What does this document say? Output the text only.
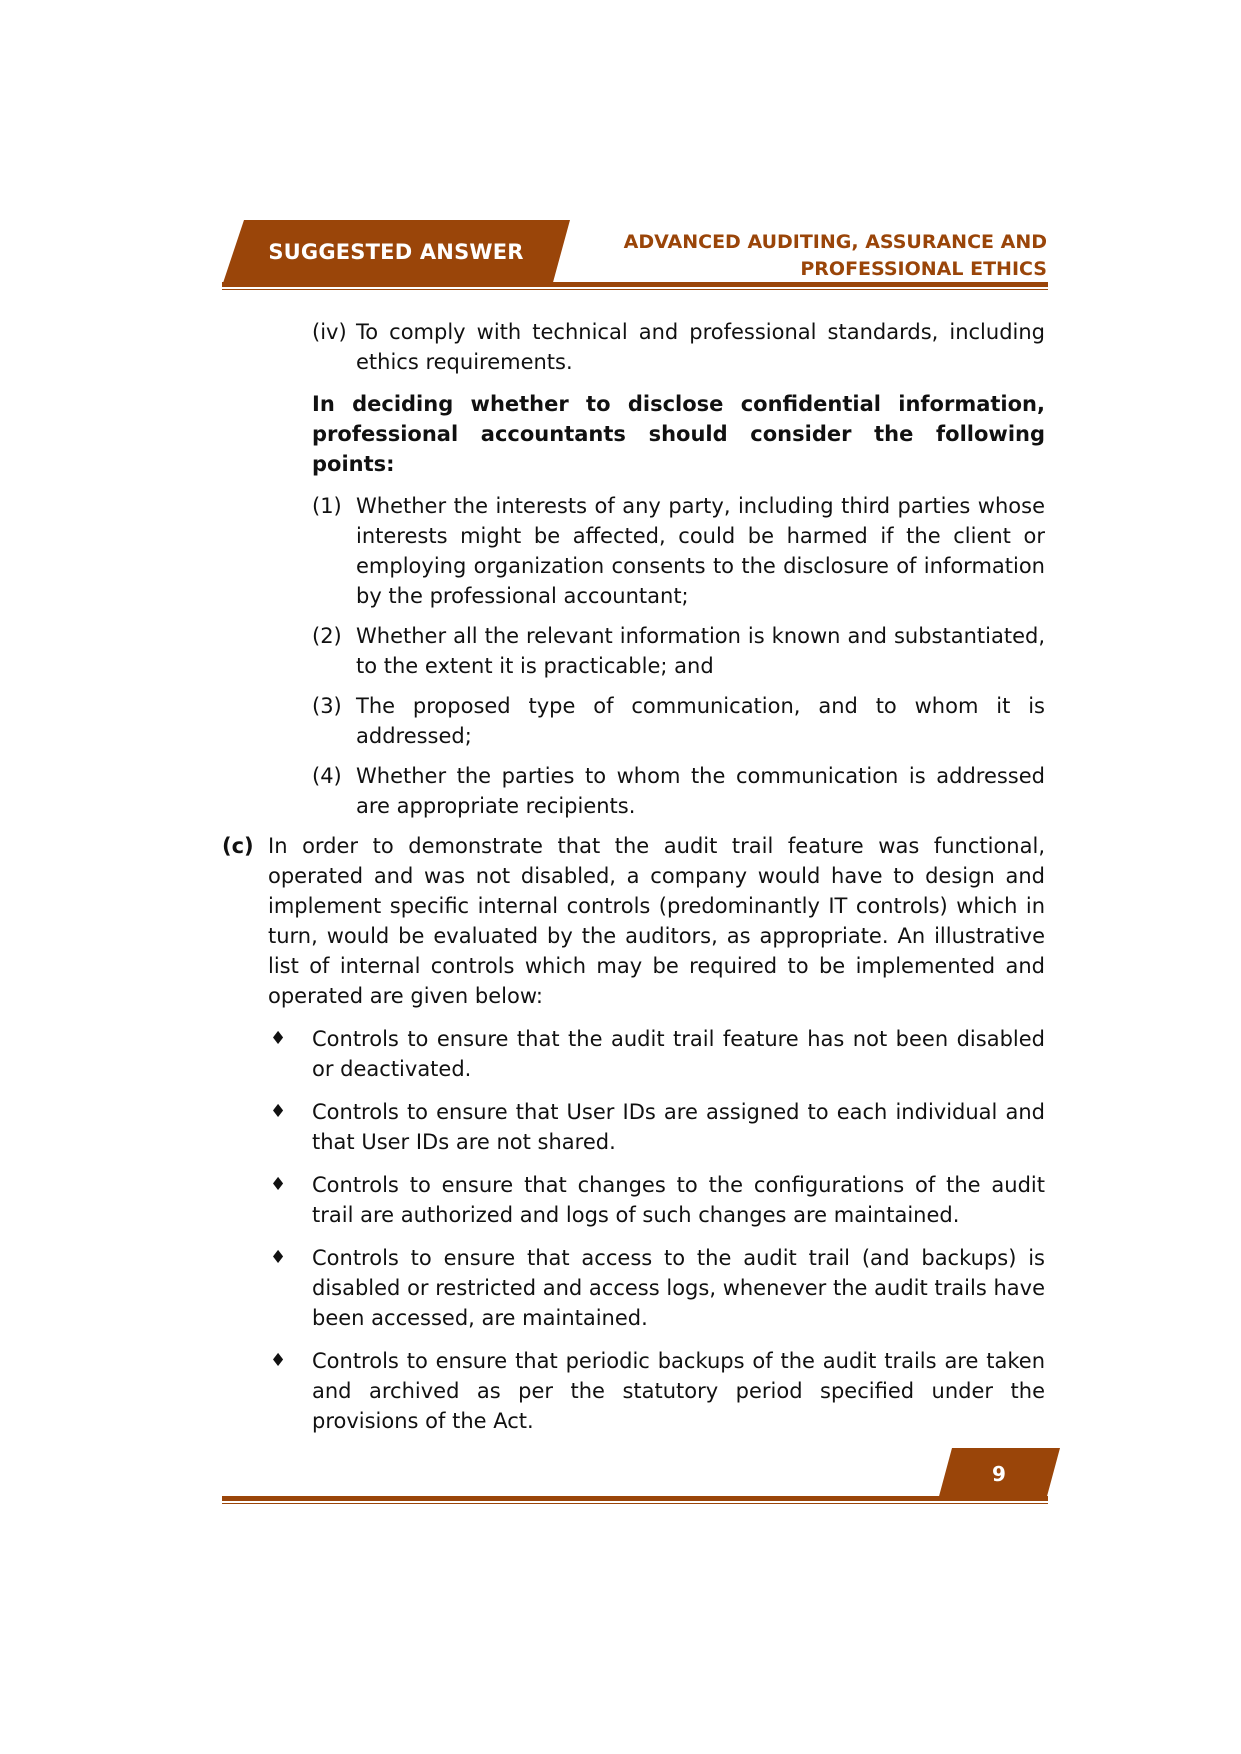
SUGGESTED ANSWER	ADVANCED AUDITING, ASSURANCE AND
PROFESSIONAL ETHICS
(iv) To comply with technical and professional standards, including ethics requirements.
In deciding whether to disclose confidential information, professional accountants should consider the following points:
(1) Whether the interests of any party, including third parties whose interests might be affected, could be harmed if the client or employing organization consents to the disclosure of information by the professional accountant;
(2) Whether all the relevant information is known and substantiated, to the extent it is practicable; and
(3) The proposed type of communication, and to whom it is addressed;
(4) Whether the parties to whom the communication is addressed are appropriate recipients.
(c) In order to demonstrate that the audit trail feature was functional, operated and was not disabled, a company would have to design and implement specific internal controls (predominantly IT controls) which in turn, would be evaluated by the auditors, as appropriate. An illustrative list of internal controls which may be required to be implemented and operated are given below:
♦ Controls to ensure that the audit trail feature has not been disabled or deactivated.
♦ Controls to ensure that User IDs are assigned to each individual and that User IDs are not shared.
♦ Controls to ensure that changes to the configurations of the audit trail are authorized and logs of such changes are maintained.
♦ Controls to ensure that access to the audit trail (and backups) is disabled or restricted and access logs, whenever the audit trails have been accessed, are maintained.
♦ Controls to ensure that periodic backups of the audit trails are taken and archived as per the statutory period specified under the provisions of the Act.
9
